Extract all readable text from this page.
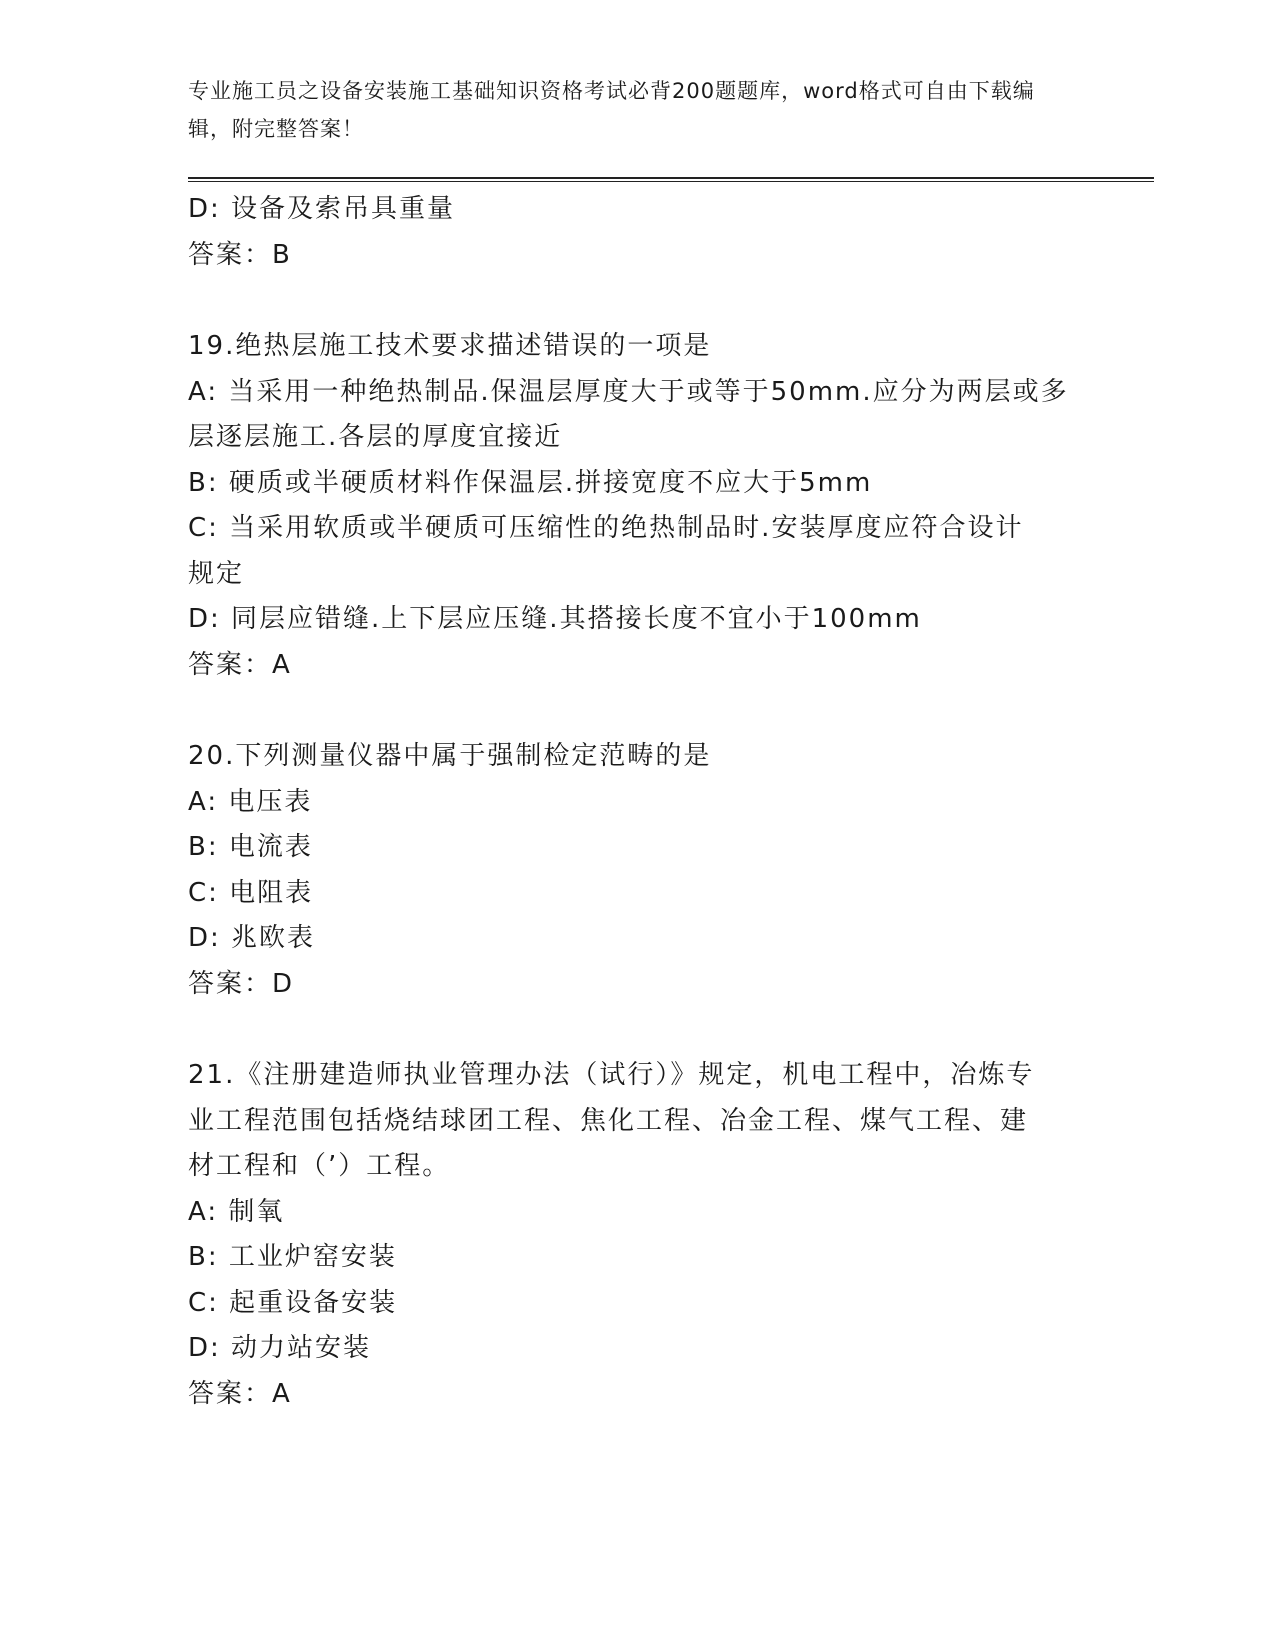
专业施工员之设备安装施工基础知识资格考试必背200题题库，word格式可自由下载编辑，附完整答案！
D: 设备及索吊具重量
答案：B
19.绝热层施工技术要求描述错误的一项是
A: 当采用一种绝热制品.保温层厚度大于或等于50mm.应分为两层或多
层逐层施工.各层的厚度宜接近
B: 硬质或半硬质材料作保温层.拼接宽度不应大于5mm
C: 当采用软质或半硬质可压缩性的绝热制品时.安装厚度应符合设计
规定
D: 同层应错缝.上下层应压缝.其搭接长度不宜小于100mm
答案：A
20.下列测量仪器中属于强制检定范畴的是
A: 电压表
B: 电流表
C: 电阻表
D: 兆欧表
答案：D
21.《注册建造师执业管理办法（试行）》规定，机电工程中，冶炼专
业工程范围包括烧结球团工程、焦化工程、冶金工程、煤气工程、建
材工程和（’）工程。
A: 制氧
B: 工业炉窑安装
C: 起重设备安装
D: 动力站安装
答案：A
